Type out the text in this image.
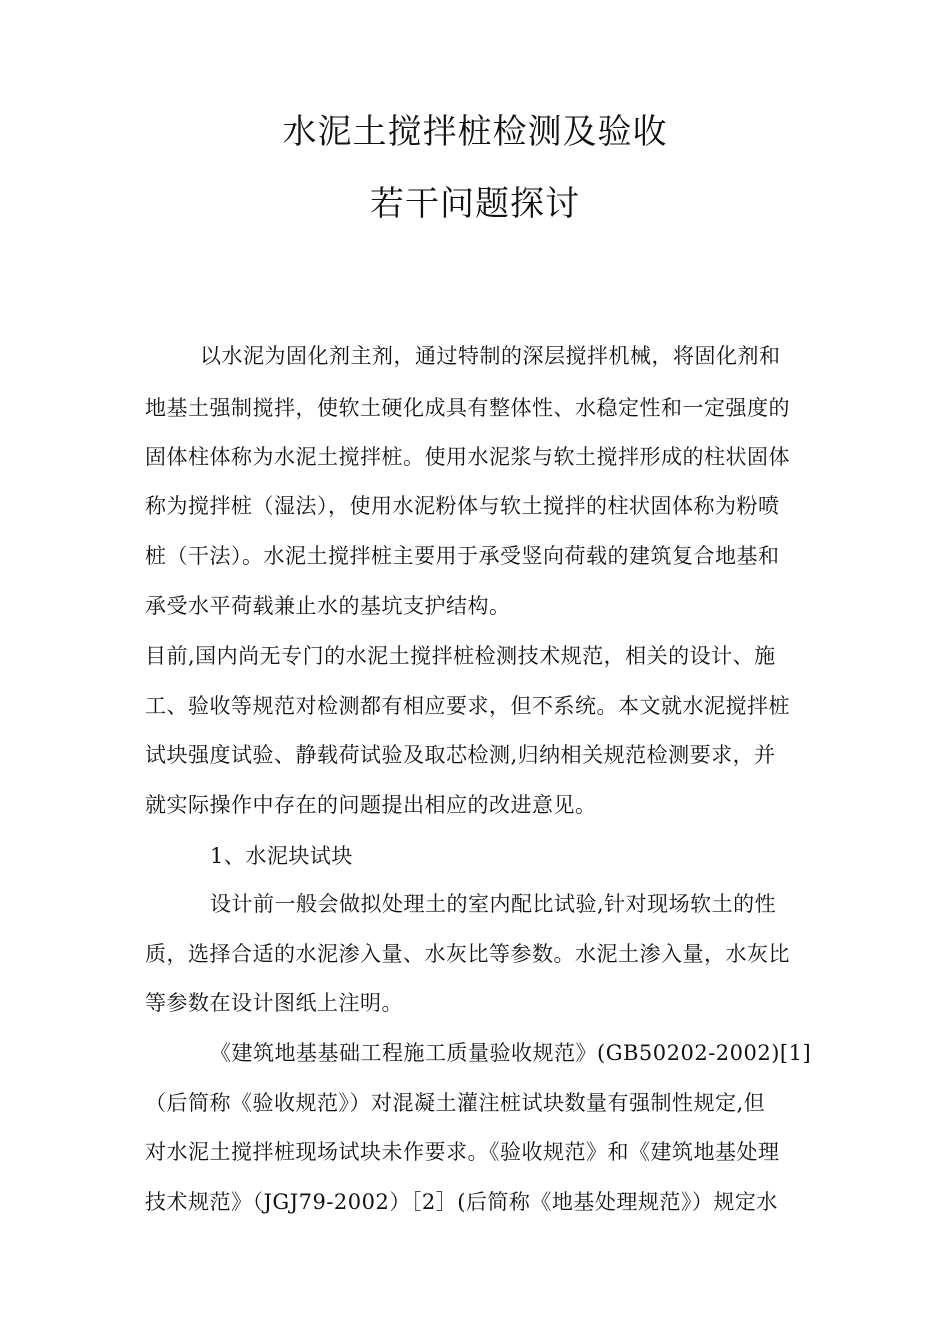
水泥土搅拌桩检测及验收
若干问题探讨
以水泥为固化剂主剂，通过特制的深层搅拌机械，将固化剂和
地基土强制搅拌，使软土硬化成具有整体性、水稳定性和一定强度的
固体柱体称为水泥土搅拌桩。使用水泥浆与软土搅拌形成的柱状固体
称为搅拌桩（湿法），使用水泥粉体与软土搅拌的柱状固体称为粉喷
桩（干法）。水泥土搅拌桩主要用于承受竖向荷载的建筑复合地基和
承受水平荷载兼止水的基坑支护结构。
目前,国内尚无专门的水泥土搅拌桩检测技术规范，相关的设计、施
工、验收等规范对检测都有相应要求，但不系统。本文就水泥搅拌桩
试块强度试验、静载荷试验及取芯检测,归纳相关规范检测要求，并
就实际操作中存在的问题提出相应的改进意见。
1、水泥块试块
设计前一般会做拟处理土的室内配比试验,针对现场软土的性
质，选择合适的水泥渗入量、水灰比等参数。水泥土渗入量，水灰比
等参数在设计图纸上注明。
《建筑地基基础工程施工质量验收规范》(GB50202-2002)[1]
（后简称《验收规范》）对混凝土灌注桩试块数量有强制性规定,但
对水泥土搅拌桩现场试块未作要求。《验收规范》和《建筑地基处理
技术规范》（JGJ79-2002）［2］(后简称《地基处理规范》）规定水
